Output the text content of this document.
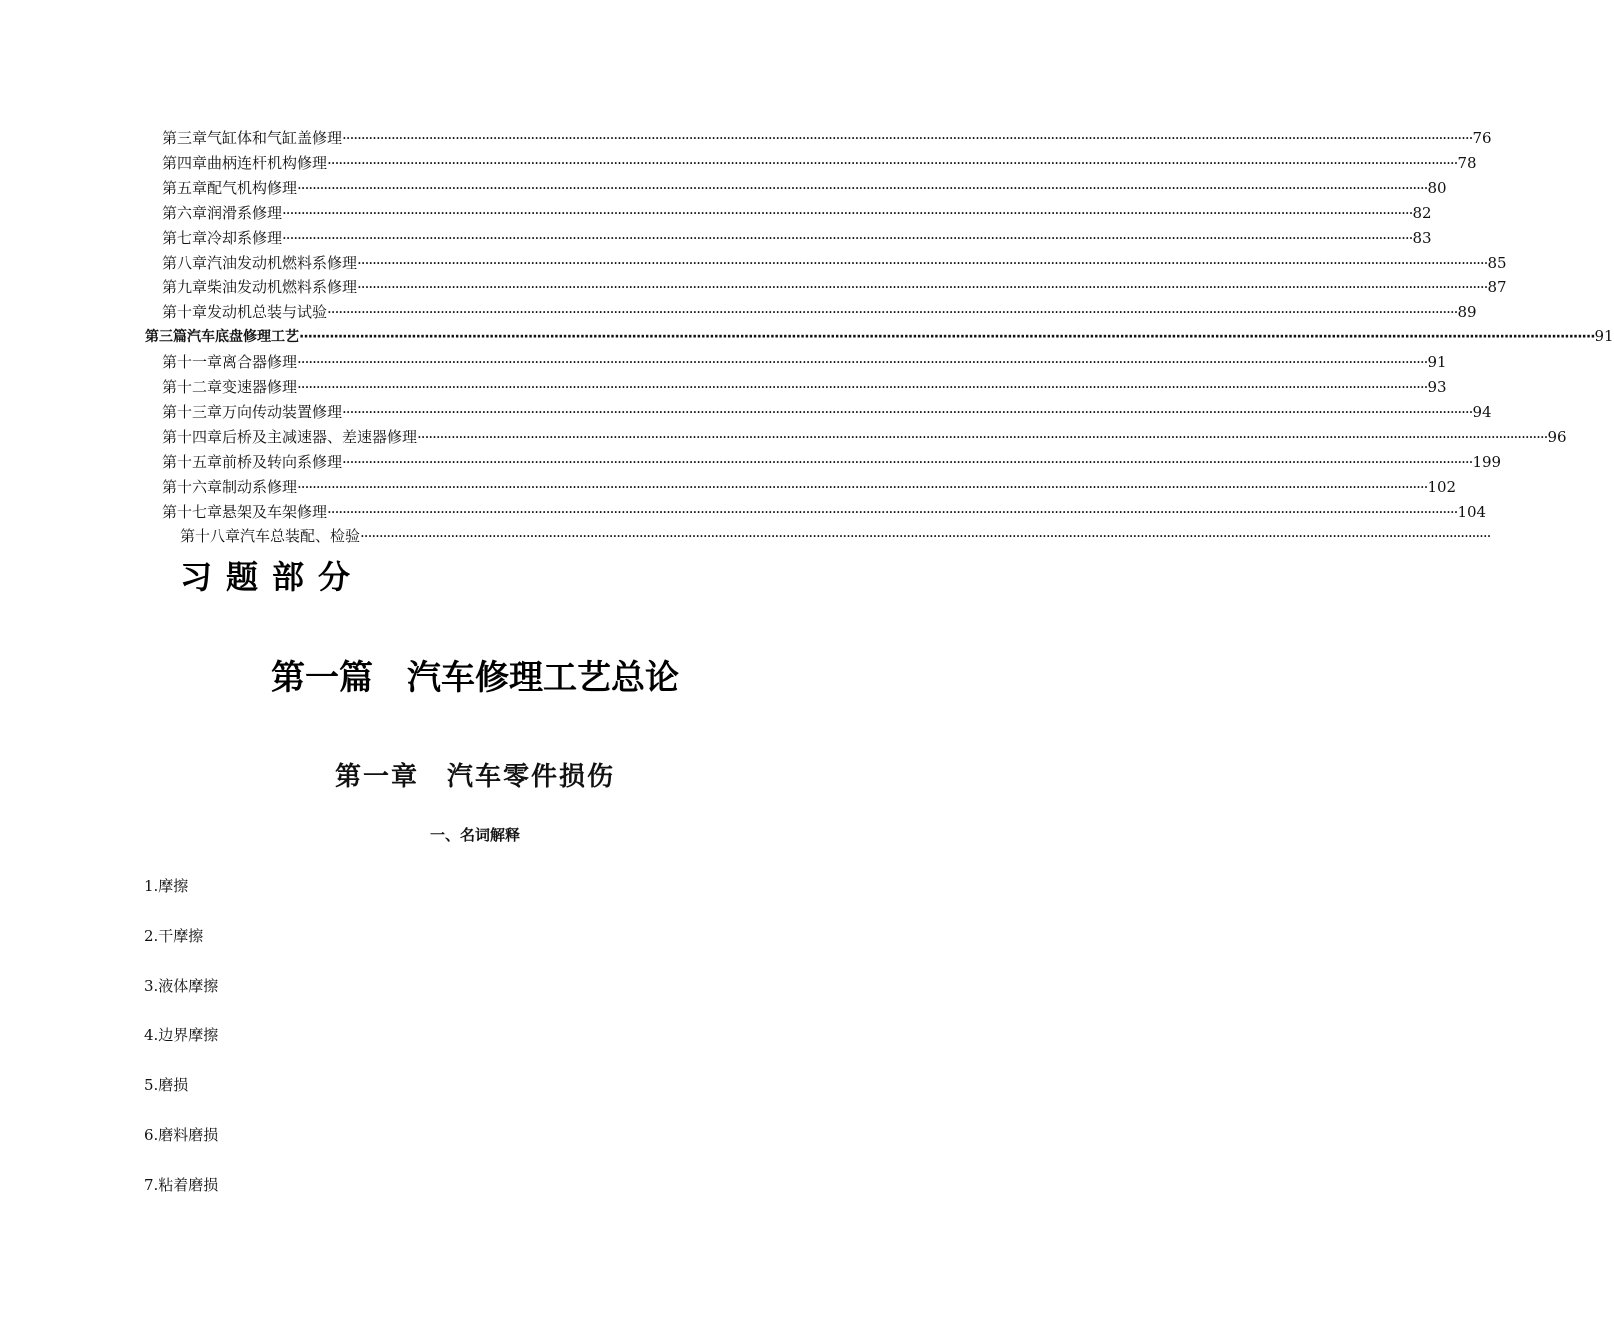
第三章 气缸体和气缸盖修理 ············································································································································································································································································································ 76
第四章 曲柄连杆机构修理 ············································································································································································································································································································ 78
第五章 配气机构修理 ············································································································································································································································································································ 80
第六章 润滑系修理 ············································································································································································································································································································ 82
第七章 冷却系修理 ············································································································································································································································································································ 83
第八章 汽油发动机燃料系修理 ············································································································································································································································································································ 85
第九章 柴油发动机燃料系修理 ············································································································································································································································································································ 87
第十章 发动机总装与试验 ············································································································································································································································································································ 89
第三篇 汽车底盘修理工艺 ············································································································································································································································································································ 91
第十一章 离合器修理 ············································································································································································································································································································ 91
第十二章 变速器修理 ············································································································································································································································································································ 93
第十三章 万向传动装置修理 ············································································································································································································································································································ 94
第十四章 后桥及主减速器、差速器修理 ············································································································································································································································································································ 96
第十五章 前桥及转向系修理 ············································································································································································································································································································ 199
第十六章 制动系修理 ············································································································································································································································································································ 102
第十七章 悬架及车架修理 ············································································································································································································································································································ 104
第十八章 汽车总装配、检验 ············································································································································································································································································································
习题部分
第一篇　汽车修理工艺总论
第一章　汽车零件损伤
一、名词解释
1.摩擦
2.干摩擦
3.液体摩擦
4.边界摩擦
5.磨损
6.磨料磨损
7.粘着磨损
